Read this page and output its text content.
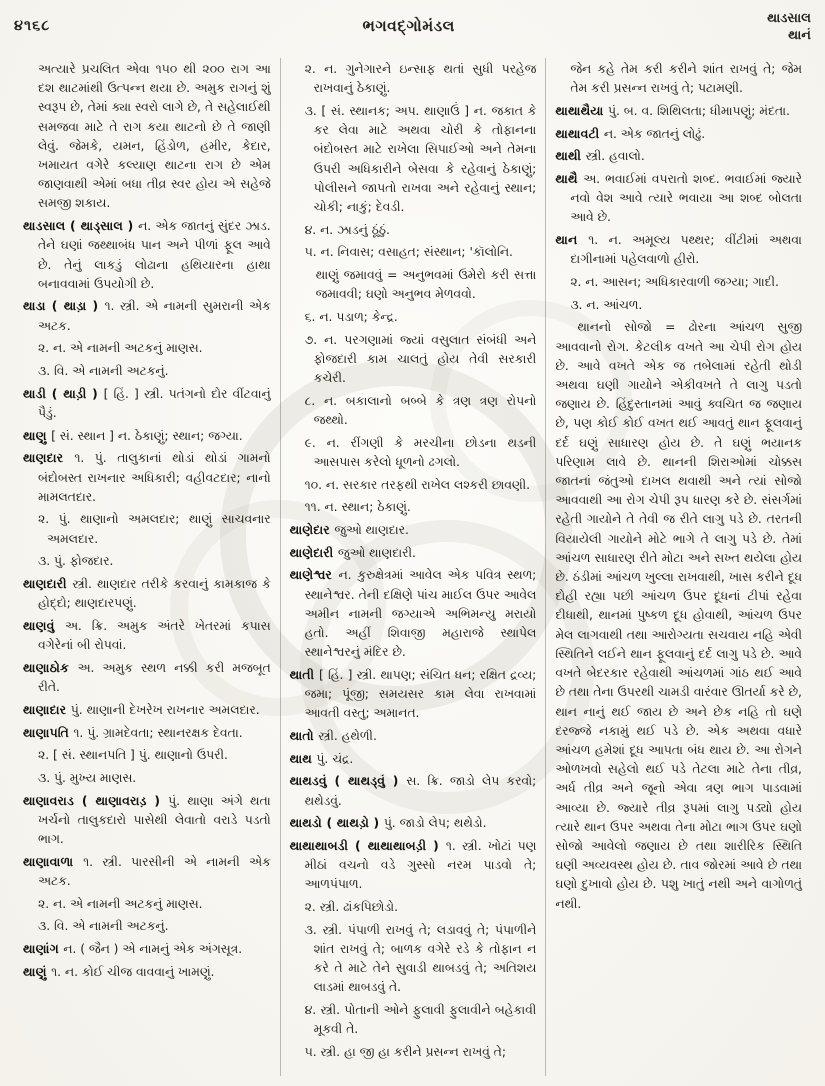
૪૧૬૮	ભગવદ્ગોમંડલ	થાડસાલ
થાનં

અત્યારે પ્રચલિત એવા ૧૫૦ થી ૨૦૦ રાગ આ દશ થાટમાંથી ઉત્પન્ન થયા છે. અમુક રાગનું શું સ્વરૂપ છે, તેમાં ક્યા સ્વરો લાગે છે, તે સહેલાઈથી સમજવા માટે તે રાગ કયા થાટનો છે તે જાણી લેવું. જેમકે, યમન, હિંડોળ, હમીર, કેદાર, ખમાયત વગેરે કલ્યાણ થાટના રાગ છે એમ જાણવાથી એમાં બધા તીવ્ર સ્વર હોય એ સહેજે સમજી શકાય.

થાડસાલ ( થાડ્સાલ ) ન. એક જાતનું સુંદર ઝાડ. તેને ઘણાં જથ્થાબંધ પાન અને પીળાં ફૂલ આવે છે. તેનું લાકડું લોઢાના હથિયારના હાથા બનાવવામાં ઉપયોગી છે.

થાડા ( થાડ઼ા ) ૧. સ્ત્રી. એ નામની સુમરાની એક અટક.

૨. ન. એ નામની અટકનું માણસ.

૩. વિ. એ નામની અટકનું.

થાડી ( થાડ઼ી ) [ હિં. ] સ્ત્રી. પતંગનો દોર વીંટવાનું પૈડું.

થાણુ [ સં. સ્થાન ] ન. ઠેકાણું; સ્થાન; જગ્યા.

થાણદાર ૧. પું. તાલુકાનાં થોડાં થોડાં ગામનો બંદોબસ્ત રાખનાર અધિકારી; વહીવટદાર; નાનો મામલતદાર.

૨. પું. થાણાનો અમલદાર; થાણું સાચવનાર અમલદાર.

૩. પું. ફોજદાર.

થાણદારી સ્ત્રી. થાણદાર તરીકે કરવાનું કામકાજ કે હોદ્દો; થાણદારપણું.

થાણવું અ. ક્રિ. અમુક અંતરે ખેતરમાં કપાસ વગેરેનાં બી રોપવાં.

થાણાઠોક અ. અમુક સ્થળ નક્કી કરી મજબૂત રીતે.

થાણાદાર પું. થાણાની દેખરેખ રાખનાર અમલદાર.

થાણાપતિ ૧. પું. ગ્રામદેવતા; સ્થાનરક્ષક દેવતા.

૨. [ સં. સ્થાનપતિ ] પું. થાણાનો ઉપરી.

૩. પું. મુખ્ય માણસ.

થાણાવરાડ ( થાણાવરાડ઼ ) પું. થાણા અંગે થતા ખર્ચનો તાલુકદારો પાસેથી લેવાતો વરાડે પડતો ભાગ.

થાણાવાળા ૧. સ્ત્રી. પારસીની એ નામની એક અટક.

૨. ન. એ નામની અટકનું માણસ.

૩. વિ. એ નામની અટકનું.

થાણાંગ ન. ( જૈન ) એ નામનું એક અંગસૂત્ર.

થાણું ૧. ન. કોઈ ચીજ વાવવાનું ખામણું.

૨. ન. ગુનેગારને ઇન્સાફ થતાં સુધી પરહેજ રાખવાનું ઠેકાણું.

૩. [ સં. સ્થાનક; અપ. થાણાઉં ] ન. જકાત કે કર લેવા માટે અથવા ચોરી કે તોફાનના બંદોબસ્ત માટે રાખેલા સિપાઈઓ અને તેમના ઉપરી અધિકારીને બેસવા કે રહેવાનું ઠેકાણું; પોલીસને જાપતો રાખવા અને રહેવાનું સ્થાન; ચોકી; નાકું; દેવડી.

૪. ન. ઝાડનું ઠૂંઠું.

૫. ન. નિવાસ; વસાહત; સંસ્થાન; 'કૉલોનિ.

થાણું જમાવવું = અનુભવમાં ઉમેરો કરી સત્તા જમાવવી; ઘણો અનુભવ મેળવવો.

૬. ન. પડાળ; કેન્દ્ર.

૭. ન. પરગણામાં જ્યાં વસુલાત સંબંધી અને ફોજદારી કામ ચાલતું હોય તેવી સરકારી કચેરી.

૮. ન. બકાલાનો બબ્બે કે ત્રણ ત્રણ રોપનો જથ્થો.

૯. ન. રીંગણી કે મરચીના છોડના થડની આસપાસ કરેલો ધૂળનો ઢગલો.

૧૦. ન. સરકાર તરફથી રાખેલ લશ્કરી છાવણી.

૧૧. ન. સ્થાન; ઠેકાણું.

થાણેદાર જુઓ થાણદાર.

થાણેદારી જુઓ થાણદારી.

થાણેશ્વર ન. કુરુક્ષેત્રમાં આવેલ એક પવિત્ર સ્થળ; સ્થાનેશ્વર. તેની દક્ષિણે પાંચ માઈલ ઉપર આવેલ અમીન નામની જગ્યાએ અભિમન્યુ મરાયો હતો. અહીં શિવાજી મહારાજે સ્થાપેલ સ્થાનેશ્વરનું મંદિર છે.

થાતી [ હિં. ] સ્ત્રી. થાપણ; સંચિત ધન; રક્ષિત દ્રવ્ય; જમા; પૂંજી; સમયસર કામ લેવા રાખવામાં આવતી વસ્તુ; અમાનત.

થાતો સ્ત્રી. હથેળી.

થાથ પું. ચંદ્ર.

થાથડવું ( થાથડ્વું ) સ. ક્રિ. જાડો લેપ કરવો; થથેડવું.

થાથડો ( થાથડ઼ો ) પું. જાડો લેપ; થથેડો.

થાથાથાબડી ( થાથાથાબડ઼ી ) ૧. સ્ત્રી. ખોટાં પણ મીઠાં વચનો વડે ગુસ્સો નરમ પાડવો તે; આળપંપાળ.

૨. સ્ત્રી. ઢાંકપિછોડો.

૩. સ્ત્રી. પંપાળી રાખવું તે; લડાવવું તે; પંપાળીને શાંત રાખવું તે; બાળક વગેરે રડે કે તોફાન ન કરે તે માટે તેને સુવાડી થાબડવું તે; અતિશય લાડમાં થાબડવું તે.

૪. સ્ત્રી. પોતાની ઓને ફુલાવી ફુલાવીને બહેકાવી મૂકવી તે.

૫. સ્ત્રી. હા જી હા કરીને પ્રસન્ન રાખવું તે;

જેન કહે તેમ કરી કરીને શાંત રાખવું તે; જેમ તેમ કરી પ્રસન્ન રાખવું તે; પટામણી.

થાથાથૈયા પું. બ. વ. શિથિલતા; ધીમાપણું; મંદતા.

થાથાવટી ન. એક જાતનું લોઢું.

થાથી સ્ત્રી. હવાલો.

થાથૈ અ. ભવાઈમાં વપરાતો શબ્દ. ભવાઈમાં જ્યારે નવો વેશ આવે ત્યારે ભવાયા આ શબ્દ બોલતા આવે છે.

થાન ૧. ન. અમૂલ્ય પથ્થર; વીંટીમાં અથવા દાગીનામાં પહેલવાળો હીરો.

૨. ન. આસન; અધિકારવાળી જગ્યા; ગાદી.

૩. ન. આંચળ.

થાનનો સોજો = ઢોરના આંચળ સુજી આવવાનો રોગ. કેટલીક વખતે આ ચેપી રોગ હોય છે. આવે વખતે એક જ તબેલામાં રહેતી થોડી અથવા ઘણી ગાયોને એકીવખતે તે લાગુ પડતો જણાય છે. હિંદુસ્તાનમાં આવું ક્વચિત જ જણાય છે, પણ કોઈ કોઈ વખત થઈ આવતું થાન ફૂલવાનું દર્દ ઘણું સાધારણ હોય છે. તે ઘણું ભયાનક પરિણામ લાવે છે. થાનની શિરાઓમાં ચોક્કસ જાતનાં જંતુઓ દાખલ થવાથી અને ત્યાં સોજો આવવાથી આ રોગ ચેપી રૂપ ધારણ કરે છે. સંસર્ગમાં રહેતી ગાયોને તે તેવી જ રીતે લાગુ પડે છે. તરતની વિયાયેલી ગાયોને મોટે ભાગે તે લાગુ પડે છે. તેમાં આંચળ સાધારણ રીતે મોટા અને સખ્ત થયેલા હોય છે. ઠંડીમાં આંચળ ખુલ્લા રાખવાથી, ખાસ કરીને દૂધ દોહી રહ્યા પછી આંચળ ઉપર દૂધનાં ટીપાં રહેવા દીધાથી, થાનમાં પુષ્કળ દૂધ હોવાથી, આંચળ ઉપર મેલ લાગવાથી તથા આરોગ્યતા સચવાય નહિ એવી સ્થિતિને લઈને થાન ફૂલવાનું દર્દ લાગુ પડે છે. આવે વખતે બેદરકાર રહેવાથી આંચળમાં ગાંઠ થઈ આવે છે તથા તેના ઉપરથી ચામડી વારંવાર ઊતર્યા કરે છે, થાન નાનું થઈ જાય છે અને છેક નહિ તો ઘણે દરજ્જે નકામું થઈ પડે છે. એક અથવા વધારે આંચળ હમેશાં દૂધ આપતા બંધ થાય છે. આ રોગને ઓળખવો સહેલો થઈ પડે તેટલા માટે તેના તીવ્ર, અર્ધ તીવ્ર અને જૂનો એવા ત્રણ ભાગ પાડવામાં આવ્યા છે. જ્યારે તીવ્ર રૂપમાં લાગુ પડ્યો હોય ત્યારે થાન ઉપર અથવા તેના મોટા ભાગ ઉપર ઘણો સોજો આવેલો જણાય છે તથા શારીરિક સ્થિતિ ઘણી અવ્યવસ્થ હોય છે. તાવ જોરમાં આવે છે તથા ઘણો દુખાવો હોય છે. પશુ ખાતું નથી અને વાગોળતું નથી.
